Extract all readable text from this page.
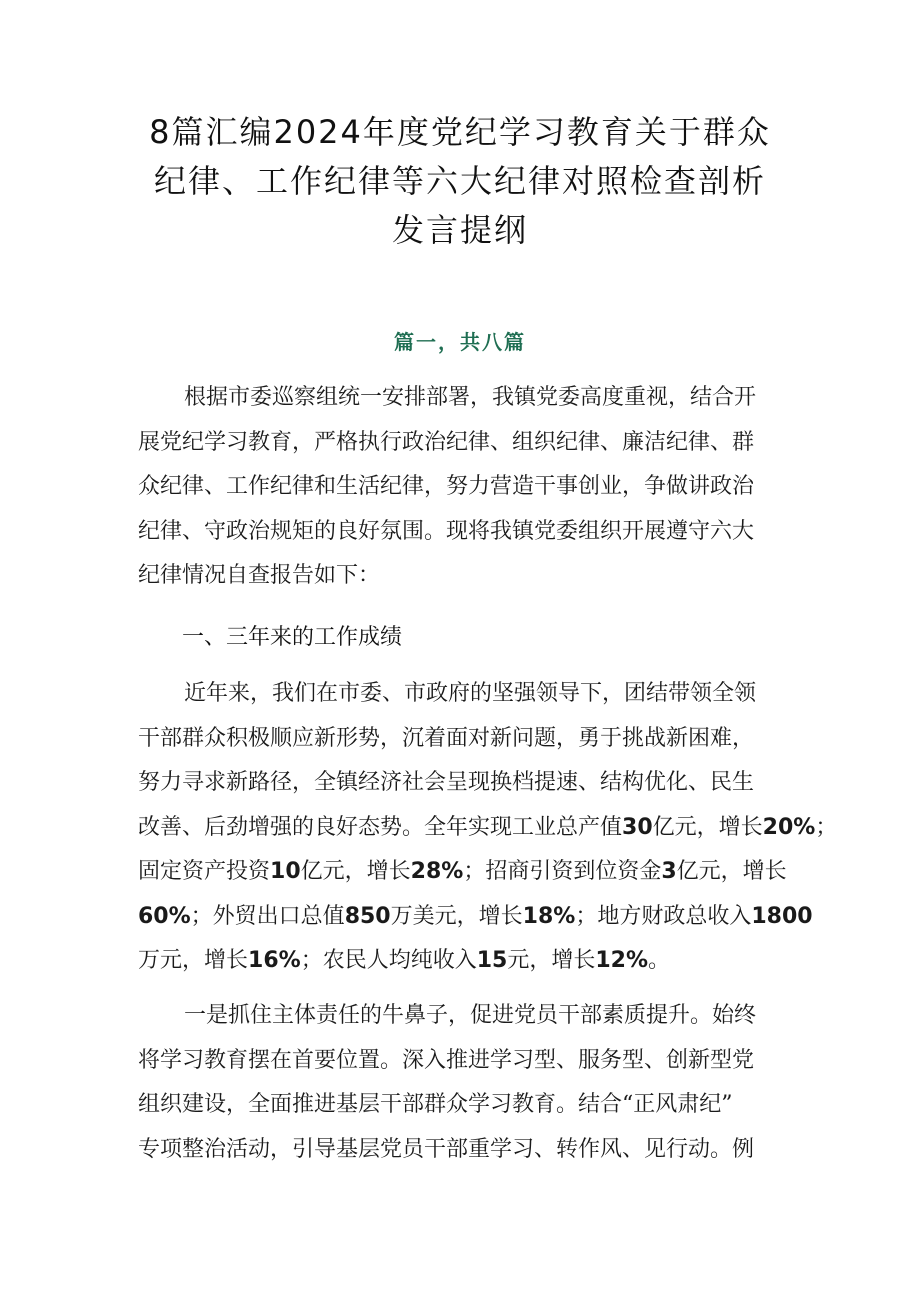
8篇汇编2024年度党纪学习教育关于群众
纪律、工作纪律等六大纪律对照检查剖析
发言提纲
篇一，共八篇
根据市委巡察组统一安排部署，我镇党委高度重视，结合开
展党纪学习教育，严格执行政治纪律、组织纪律、廉洁纪律、群
众纪律、工作纪律和生活纪律，努力营造干事创业，争做讲政治
纪律、守政治规矩的良好氛围。现将我镇党委组织开展遵守六大
纪律情况自查报告如下：
一、三年来的工作成绩
近年来，我们在市委、市政府的坚强领导下，团结带领全领
干部群众积极顺应新形势，沉着面对新问题，勇于挑战新困难，
努力寻求新路径，全镇经济社会呈现换档提速、结构优化、民生
改善、后劲增强的良好态势。全年实现工业总产值30亿元，增长20%；
固定资产投资10亿元，增长28%；招商引资到位资金3亿元，增长
60%；外贸出口总值850万美元，增长18%；地方财政总收入1800
万元，增长16%；农民人均纯收入15元，增长12%。
一是抓住主体责任的牛鼻子，促进党员干部素质提升。始终
将学习教育摆在首要位置。深入推进学习型、服务型、创新型党
组织建设，全面推进基层干部群众学习教育。结合“正风肃纪”
专项整治活动，引导基层党员干部重学习、转作风、见行动。例
